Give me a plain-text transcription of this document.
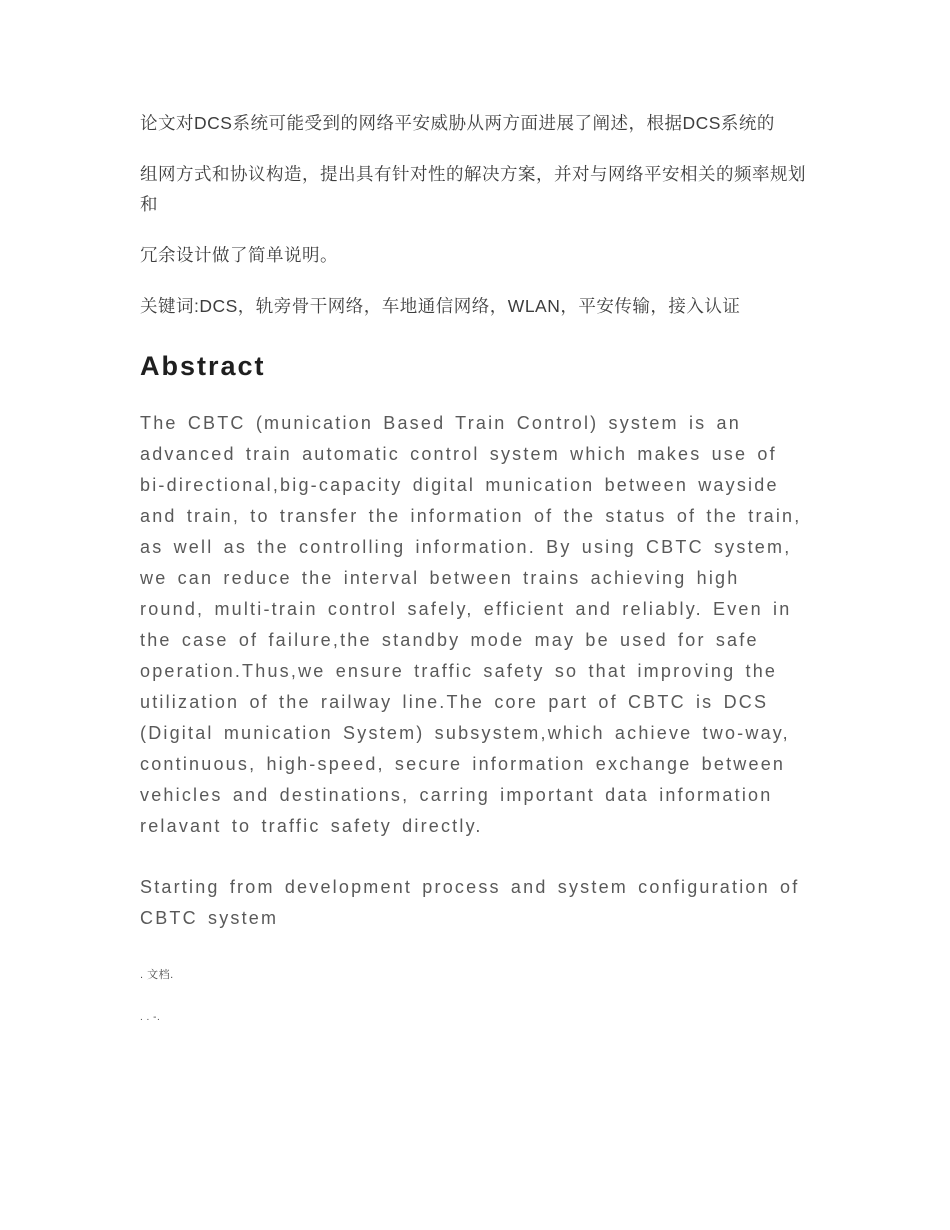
论文对DCS系统可能受到的网络平安威胁从两方面进展了阐述，根据DCS系统的

组网方式和协议构造，提出具有针对性的解决方案，并对与网络平安相关的频率规划和

冗余设计做了简单说明。

关键词:DCS，轨旁骨干网络，车地通信网络，WLAN，平安传输，接入认证

Abstract

The CBTC (munication Based Train Control) system is an advanced train automatic control system which makes use of bi-directional,big-capacity digital munication between wayside and train, to transfer the information of the status of the train, as well as the controlling information. By using CBTC system, we can reduce the interval between trains achieving high round, multi-train control safely, efficient and reliably. Even in the case of failure,the standby mode may be used for safe operation.Thus,we ensure traffic safety so that improving the utilization of the railway line.The core part of CBTC is DCS (Digital munication System) subsystem,which achieve two-way, continuous, high-speed, secure information exchange between vehicles and destinations, carring important data information relavant to traffic safety directly.

Starting from development process and system configuration of CBTC system

. 文档.

. . -.
